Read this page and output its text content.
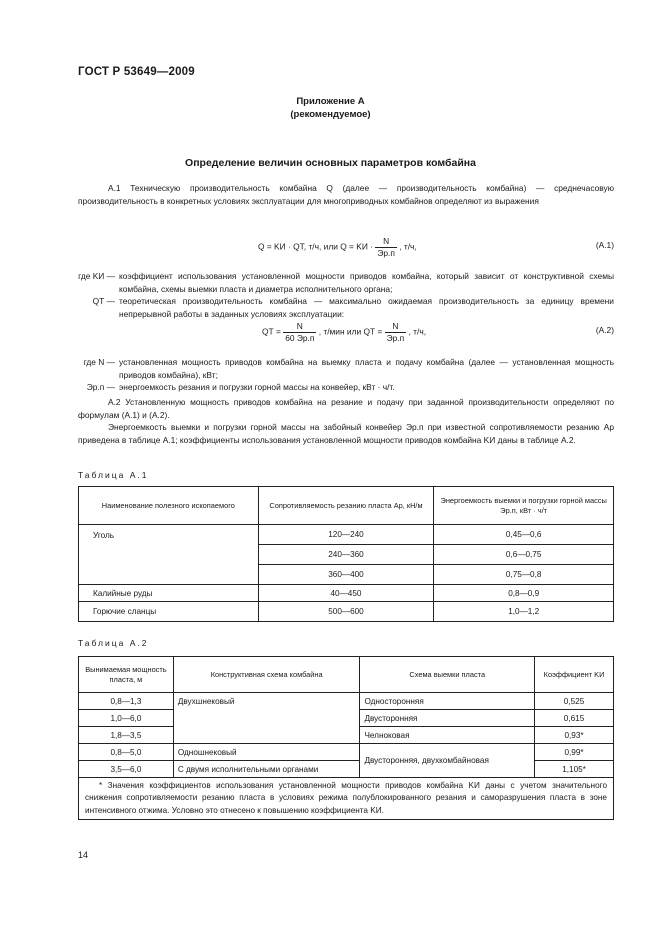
ГОСТ Р 53649—2009
Приложение А
(рекомендуемое)
Определение величин основных параметров комбайна

А.1 Техническую производительность комбайна Q (далее — производительность комбайна) — среднечасовую производительность в конкретных условиях эксплуатации для многоприводных комбайнов определяют из выражения

Q = KИ · QТ, т/ч, или Q = KИ · $\frac{N}{Эр.п}$ , т/ч,	(А.1)
где KИ — коэффициент использования установленной мощности приводов комбайна, который зависит от конструктивной схемы комбайна, схемы выемки пласта и диаметра исполнительного органа;
QТ — теоретическая производительность комбайна — максимально ожидаемая производительность за единицу времени непрерывной работы в заданных условиях эксплуатации:
QТ = $\frac{N}{60 Эр.п}$ , т/мин или QТ = $\frac{N}{Эр.п}$ , т/ч,	(А.2)
где N — установленная мощность приводов комбайна на выемку пласта и подачу комбайна (далее — установленная мощность приводов комбайна), кВт;
Эр.п — энергоемкость резания и погрузки горной массы на конвейер, кВт · ч/т.

А.2 Установленную мощность приводов комбайна на резание и подачу при заданной производительности определяют по формулам (А.1) и (А.2).

Энергоемкость выемки и погрузки горной массы на забойный конвейер Эр.п при известной сопротивляемости резанию Ар приведена в таблице А.1; коэффициенты использования установленной мощности приводов комбайна KИ даны в таблице А.2.

Таблица А.1
Наименование полезного ископаемого	Сопротивляемость резанию пласта Ар, кН/м	Энергоемкость выемки и погрузки горной массы Эр.п, кВт · ч/т
Уголь	120—240	0,45—0,6
	240—360	0,6—0,75
	360—400	0,75—0,8
Калийные руды	40—450	0,8—0,9
Горючие сланцы	500—600	1,0—1,2
Таблица А.2
Вынимаемая мощность пласта, м	Конструктивная схема комбайна	Схема выемки пласта	Коэффициент KИ
0,8—1,3	Двухшнековый	Односторонняя	0,525
1,0—6,0		Двусторонняя	0,615
1,8—3,5		Челноковая	0,93*
0,8—5,0	Одношнековый	Двусторонняя, двухкомбайновая	0,99*
3,5—6,0	С двумя исполнительными органами		1,105*
* Значения коэффициентов использования установленной мощности приводов комбайна KИ даны с учетом значительного снижения сопротивляемости резанию пласта в условиях режима полублокированного резания и саморазрушения пласта в зоне интенсивного отжима. Условно это отнесено к повышению коэффициента KИ.			
14
